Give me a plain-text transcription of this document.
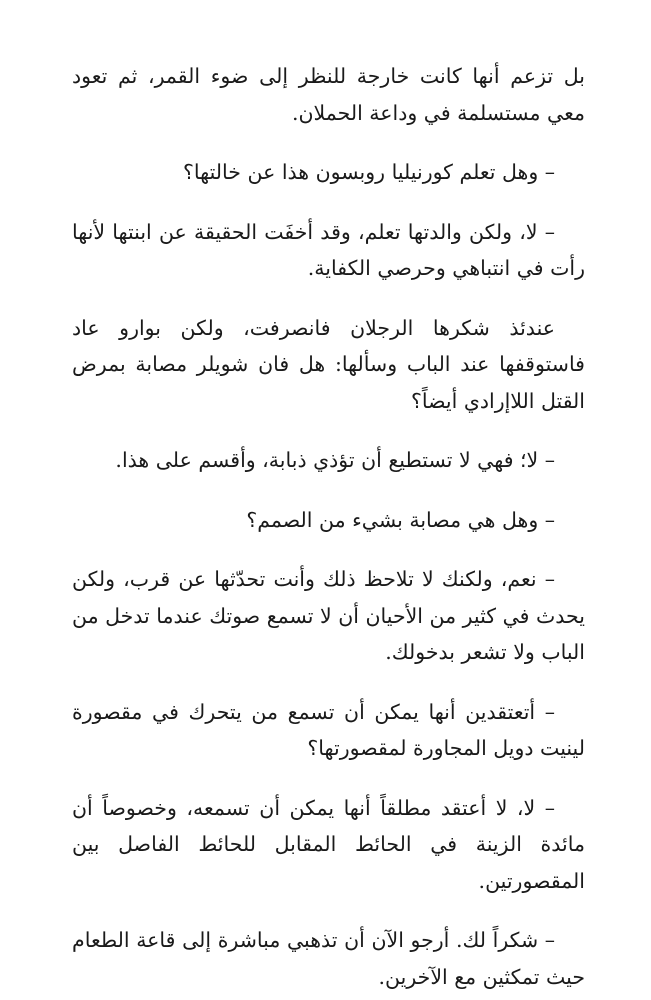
بل تزعم أنها كانت خارجة للنظر إلى ضوء القمر، ثم تعود معي مستسلمة في وداعة الحملان.

– وهل تعلم كورنيليا روبسون هذا عن خالتها؟

– لا، ولكن والدتها تعلم، وقد أخفَت الحقيقة عن ابنتها لأنها رأت في انتباهي وحرصي الكفاية.

عندئذ شكرها الرجلان فانصرفت، ولكن بوارو عاد فاستوقفها عند الباب وسألها: هل فان شويلر مصابة بمرض القتل اللاإرادي أيضاً؟

– لا؛ فهي لا تستطيع أن تؤذي ذبابة، وأقسم على هذا.

– وهل هي مصابة بشيء من الصمم؟

– نعم، ولكنك لا تلاحظ ذلك وأنت تحدّثها عن قرب، ولكن يحدث في كثير من الأحيان أن لا تسمع صوتك عندما تدخل من الباب ولا تشعر بدخولك.

– أتعتقدين أنها يمكن أن تسمع من يتحرك في مقصورة لينيت دويل المجاورة لمقصورتها؟

– لا، لا أعتقد مطلقاً أنها يمكن أن تسمعه، وخصوصاً أن مائدة الزينة في الحائط المقابل للحائط الفاصل بين المقصورتين.

– شكراً لك. أرجو الآن أن تذهبي مباشرة إلى قاعة الطعام حيث تمكثين مع الآخرين.
